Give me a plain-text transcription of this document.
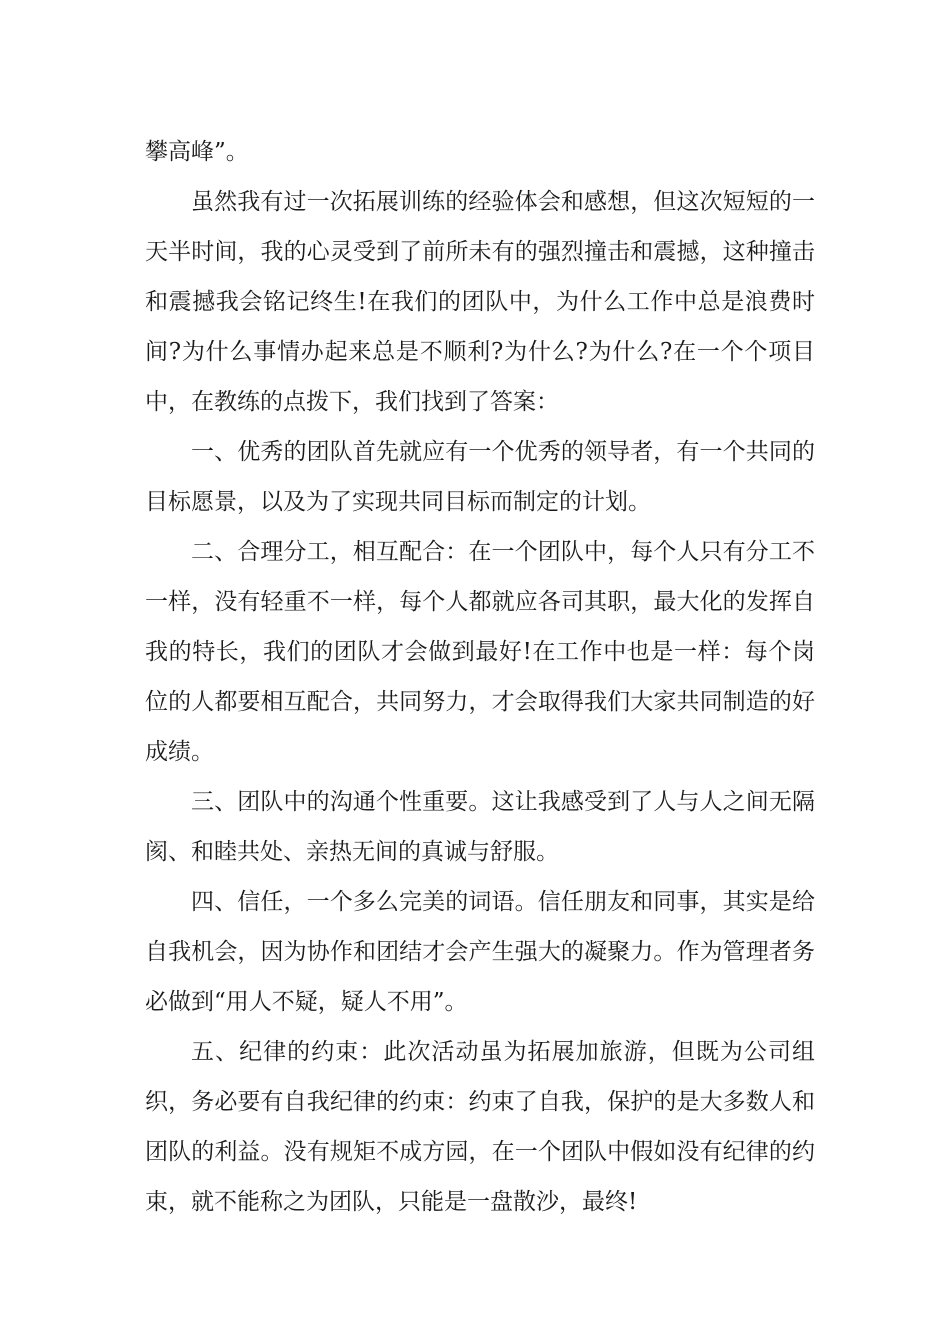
攀高峰”。

虽然我有过一次拓展训练的经验体会和感想，但这次短短的一天半时间，我的心灵受到了前所未有的强烈撞击和震撼，这种撞击和震撼我会铭记终生!在我们的团队中，为什么工作中总是浪费时间?为什么事情办起来总是不顺利?为什么?为什么?在一个个项目中，在教练的点拨下，我们找到了答案：

一、优秀的团队首先就应有一个优秀的领导者，有一个共同的目标愿景，以及为了实现共同目标而制定的计划。

二、合理分工，相互配合：在一个团队中，每个人只有分工不一样，没有轻重不一样，每个人都就应各司其职，最大化的发挥自我的特长，我们的团队才会做到最好!在工作中也是一样：每个岗位的人都要相互配合，共同努力，才会取得我们大家共同制造的好成绩。

三、团队中的沟通个性重要。这让我感受到了人与人之间无隔阂、和睦共处、亲热无间的真诚与舒服。

四、信任，一个多么完美的词语。信任朋友和同事，其实是给自我机会，因为协作和团结才会产生强大的凝聚力。作为管理者务必做到“用人不疑，疑人不用”。

五、纪律的约束：此次活动虽为拓展加旅游，但既为公司组织，务必要有自我纪律的约束：约束了自我，保护的是大多数人和团队的利益。没有规矩不成方园，在一个团队中假如没有纪律的约束，就不能称之为团队，只能是一盘散沙，最终!
